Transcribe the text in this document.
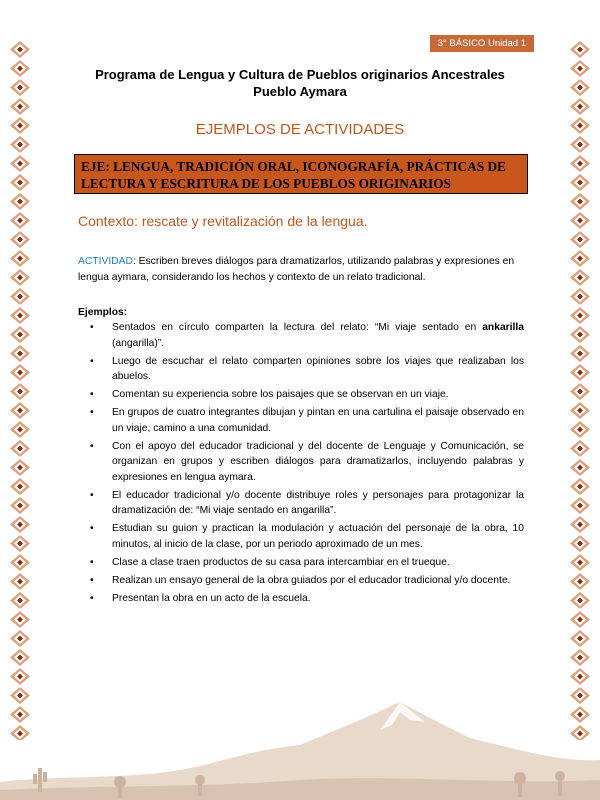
3° BÁSICO Unidad 1
Programa de Lengua y Cultura de Pueblos originarios Ancestrales
Pueblo Aymara
EJEMPLOS DE ACTIVIDADES
EJE: LENGUA, TRADICIÓN ORAL, ICONOGRAFÍA, PRÁCTICAS DE
LECTURA Y ESCRITURA DE LOS PUEBLOS ORIGINARIOS
Contexto: rescate y revitalización de la lengua.
ACTIVIDAD: Escriben breves diálogos para dramatizarlos, utilizando palabras y expresiones en lengua aymara, considerando los hechos y contexto de un relato tradicional.
Ejemplos:
• Sentados en círculo comparten la lectura del relato: “Mi viaje sentado en ankarilla (angarilla)”.
• Luego de escuchar el relato comparten opiniones sobre los viajes que realizaban los abuelos.
• Comentan su experiencia sobre los paisajes que se observan en un viaje.
• En grupos de cuatro integrantes dibujan y pintan en una cartulina el paisaje observado en un viaje, camino a una comunidad.
• Con el apoyo del educador tradicional y del docente de Lenguaje y Comunicación, se organizan en grupos y escriben diálogos para dramatizarlos, incluyendo palabras y expresiones en lengua aymara.
• El educador tradicional y/o docente distribuye roles y personajes para protagonizar la dramatización de: “Mi viaje sentado en angarilla”.
• Estudian su guion y practican la modulación y actuación del personaje de la obra, 10 minutos, al inicio de la clase, por un periodo aproximado de un mes.
• Clase a clase traen productos de su casa para intercambiar en el trueque.
• Realizan un ensayo general de la obra guiados por el educador tradicional y/o docente.
• Presentan la obra en un acto de la escuela.
